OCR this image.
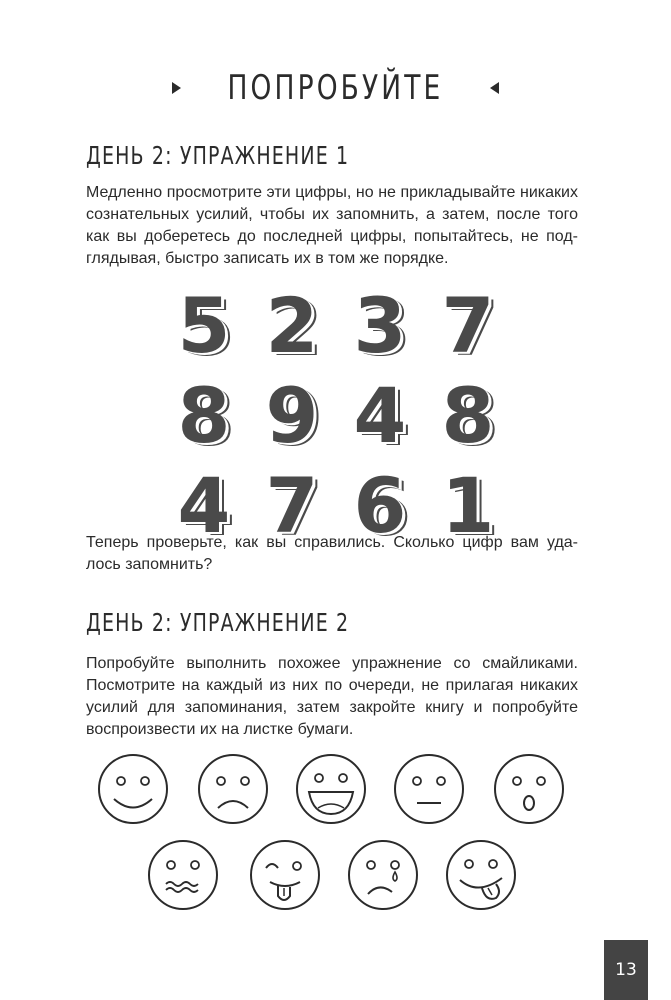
ПОПРОБУЙТЕ
ДЕНЬ 2: УПРАЖНЕНИЕ 1

Медленно просмотрите эти цифры, но не прикладывайте никаких
сознательных усилий, чтобы их запомнить, а затем, после того
как вы доберетесь до последней цифры, попытайтесь, не под-
глядывая, быстро записать их в том же порядке.

5 2 3 7
8 9 4 8
4 7 6 1

Теперь проверьте, как вы справились. Сколько цифр вам уда-
лось запомнить?

ДЕНЬ 2: УПРАЖНЕНИЕ 2

Попробуйте выполнить похожее упражнение со смайликами.
Посмотрите на каждый из них по очереди, не прилагая никаких
усилий для запоминания, затем закройте книгу и попробуйте
воспроизвести их на листке бумаги.

13
